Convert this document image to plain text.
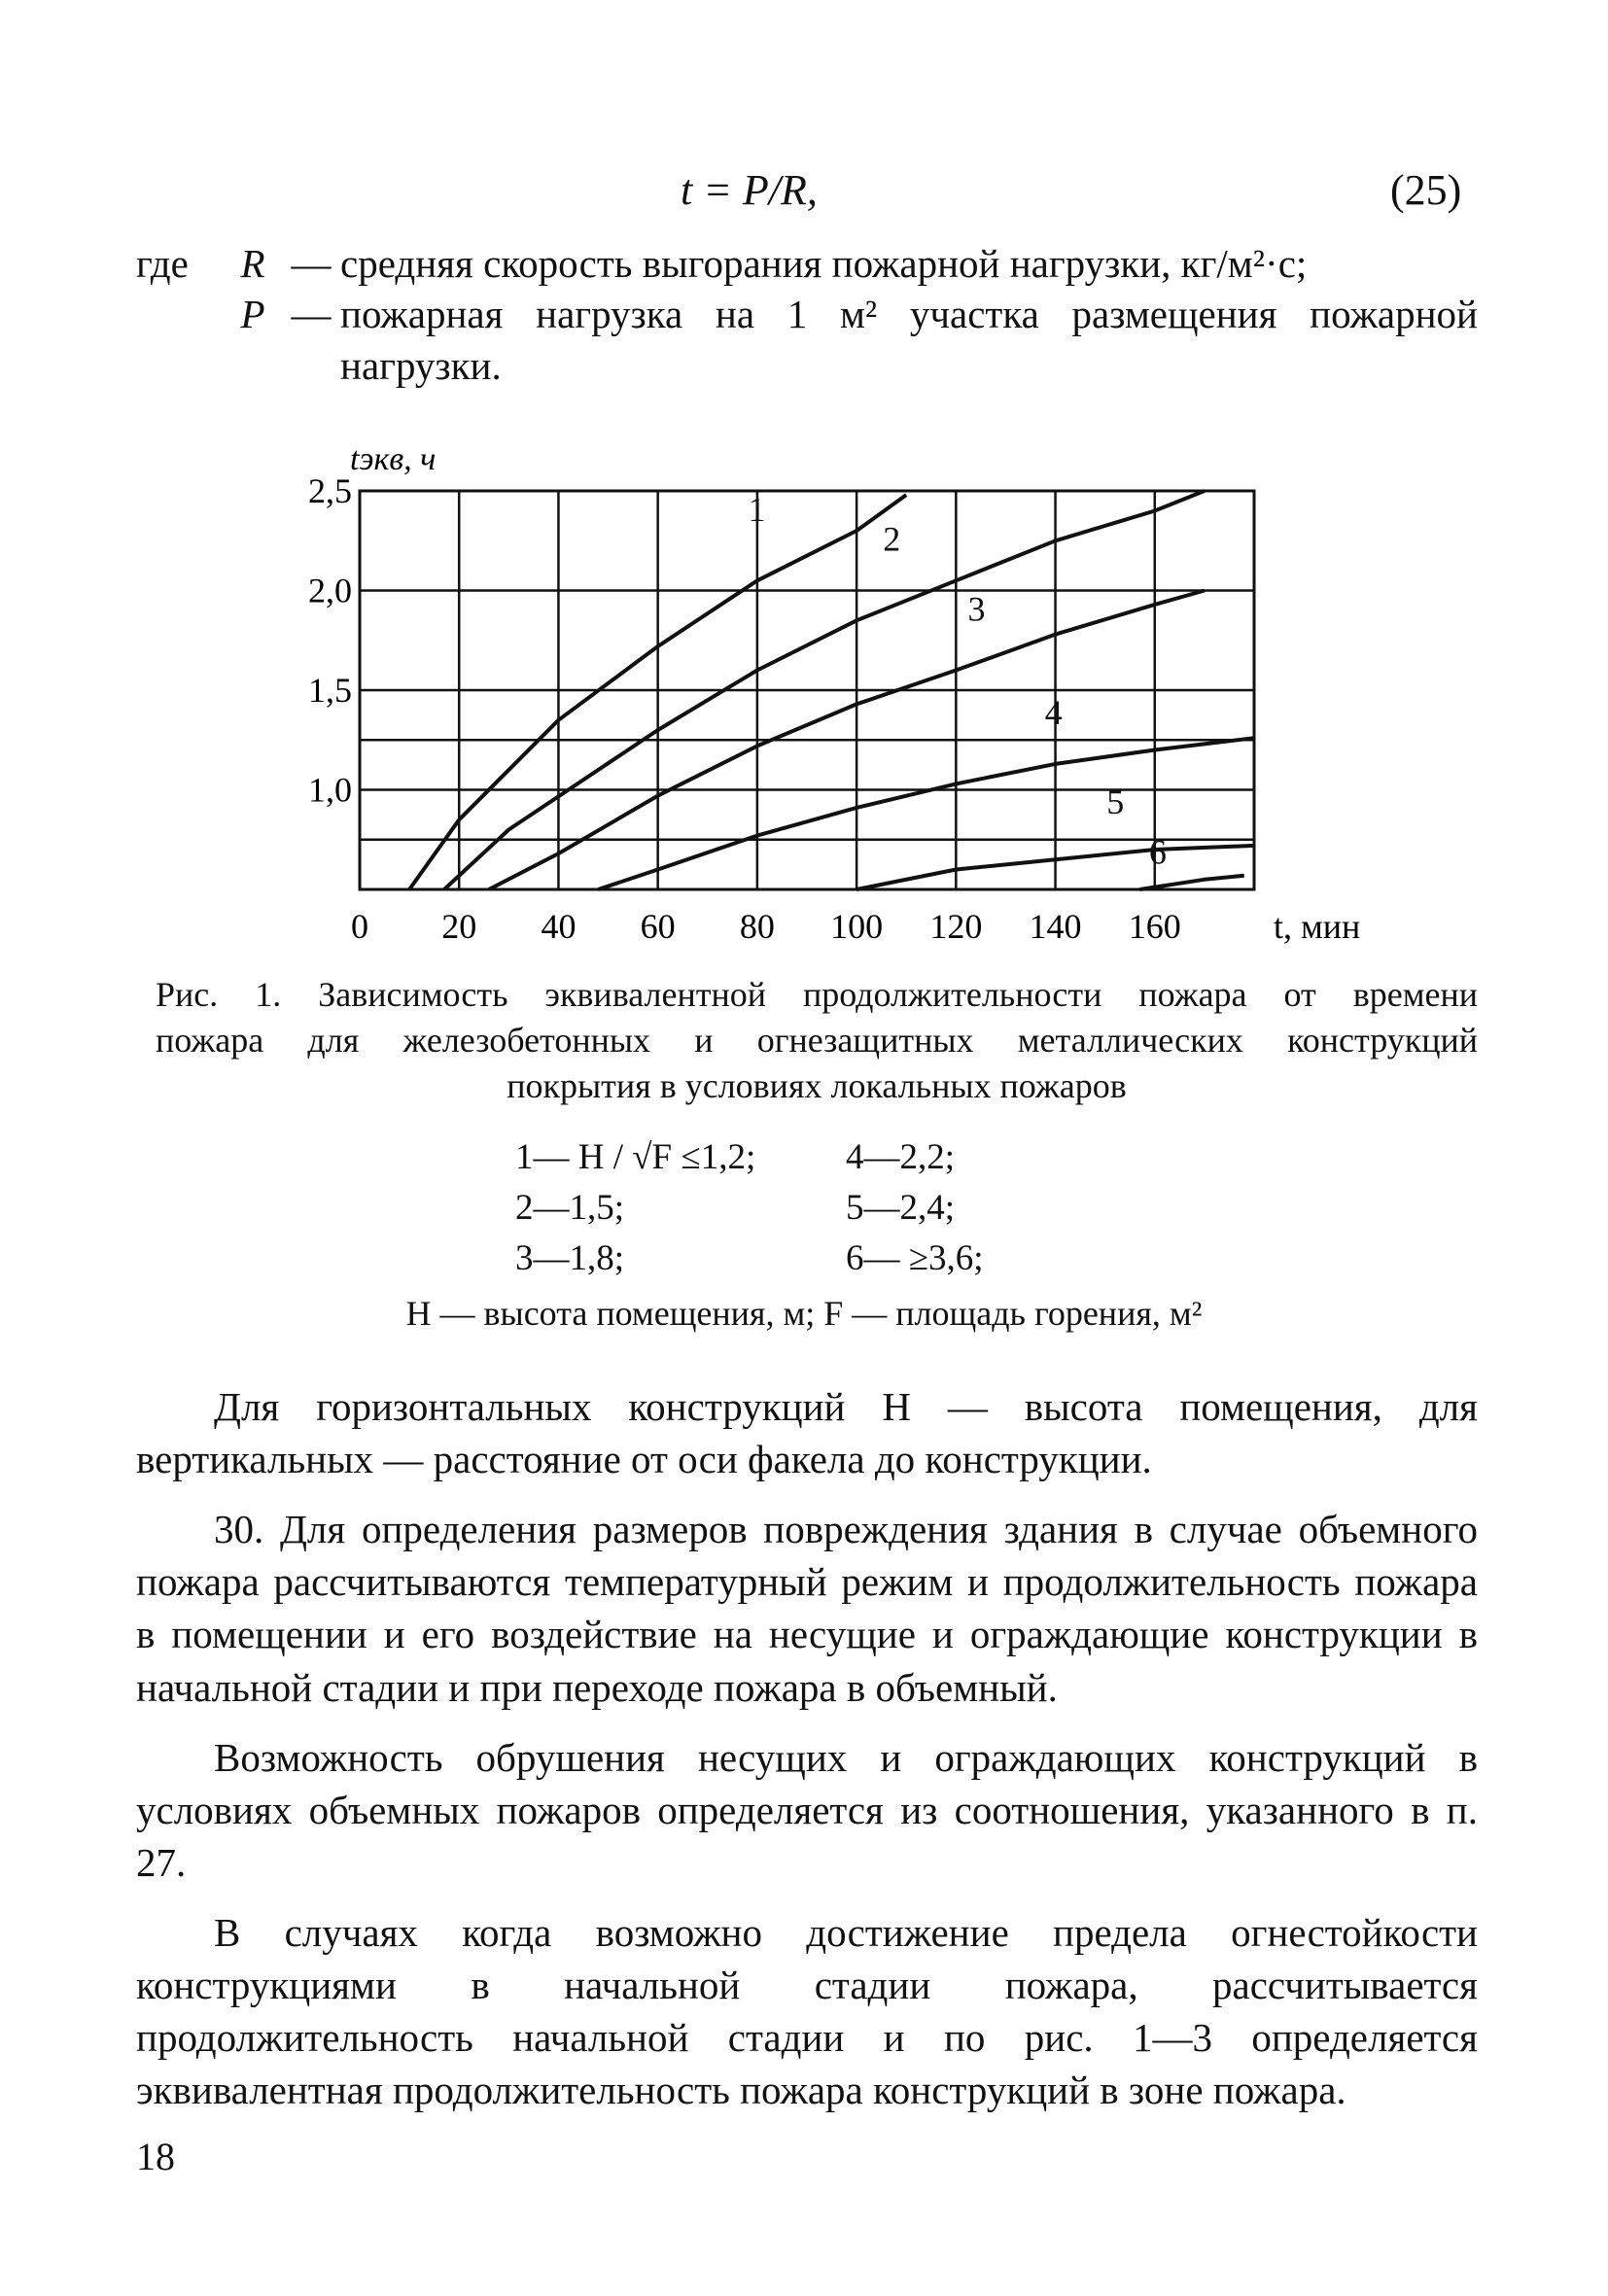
t = P/R,	(25)
где	R — средняя скорость выгорания пожарной нагрузки, кг/м²·с;
P — пожарная нагрузка на 1 м² участка размещения пожарной нагрузки.
0 20 40 60 80 100 120 140 160	t, мин
1,0
1,5
2,0
2,5
tэкв, ч
1
2
3
4
5
6
Рис. 1. Зависимость эквивалентной продолжительности пожара от времени
пожара для железобетонных и огнезащитных металлических конструкций
покрытия в условиях локальных пожаров
1— H / √F ≤1,2;	4—2,2;
2—1,5;	5—2,4;
3—1,8;	6— ≥3,6;
H — высота помещения, м; F — площадь горения, м²

Для горизонтальных конструкций H — высота помещения, для вертикальных — расстояние от оси факела до конструкции.

30. Для определения размеров повреждения здания в случае объемного пожара рассчитываются температурный режим и продолжительность пожара в помещении и его воздействие на несущие и ограждающие конструкции в начальной стадии и при переходе пожара в объемный.

Возможность обрушения несущих и ограждающих конструкций в условиях объемных пожаров определяется из соотношения, указанного в п. 27.

В случаях когда возможно достижение предела огнестойкости конструкциями в начальной стадии пожара, рассчитывается продолжительность начальной стадии и по рис. 1—3 определяется эквивалентная продолжительность пожара конструкций в зоне пожара.

18
